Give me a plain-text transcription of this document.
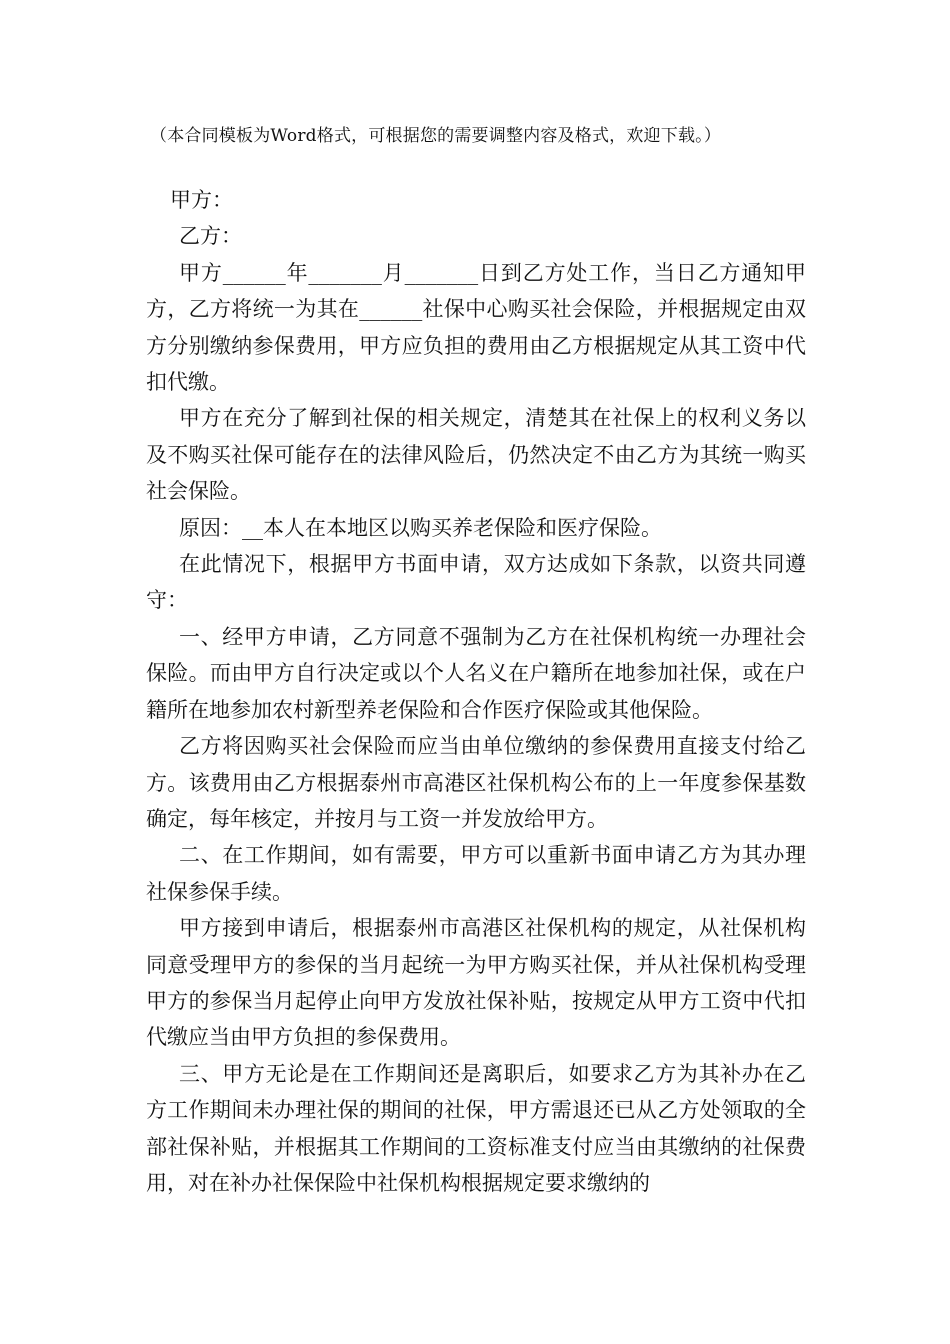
（本合同模板为Word格式，可根据您的需要调整内容及格式，欢迎下载。）

甲方：

乙方：

甲方______年_______月_______日到乙方处工作，当日乙方通知甲方，乙方将统一为其在______社保中心购买社会保险，并根据规定由双方分别缴纳参保费用，甲方应负担的费用由乙方根据规定从其工资中代扣代缴。

甲方在充分了解到社保的相关规定，清楚其在社保上的权利义务以及不购买社保可能存在的法律风险后，仍然决定不由乙方为其统一购买社会保险。

原因：__本人在本地区以购买养老保险和医疗保险。

在此情况下，根据甲方书面申请，双方达成如下条款，以资共同遵守：

一、经甲方申请，乙方同意不强制为乙方在社保机构统一办理社会保险。而由甲方自行决定或以个人名义在户籍所在地参加社保，或在户籍所在地参加农村新型养老保险和合作医疗保险或其他保险。

乙方将因购买社会保险而应当由单位缴纳的参保费用直接支付给乙方。该费用由乙方根据泰州市高港区社保机构公布的上一年度参保基数确定，每年核定，并按月与工资一并发放给甲方。

二、在工作期间，如有需要，甲方可以重新书面申请乙方为其办理社保参保手续。

甲方接到申请后，根据泰州市高港区社保机构的规定，从社保机构同意受理甲方的参保的当月起统一为甲方购买社保，并从社保机构受理甲方的参保当月起停止向甲方发放社保补贴，按规定从甲方工资中代扣代缴应当由甲方负担的参保费用。

三、甲方无论是在工作期间还是离职后，如要求乙方为其补办在乙方工作期间未办理社保的期间的社保，甲方需退还已从乙方处领取的全部社保补贴，并根据其工作期间的工资标准支付应当由其缴纳的社保费用，对在补办社保保险中社保机构根据规定要求缴纳的
